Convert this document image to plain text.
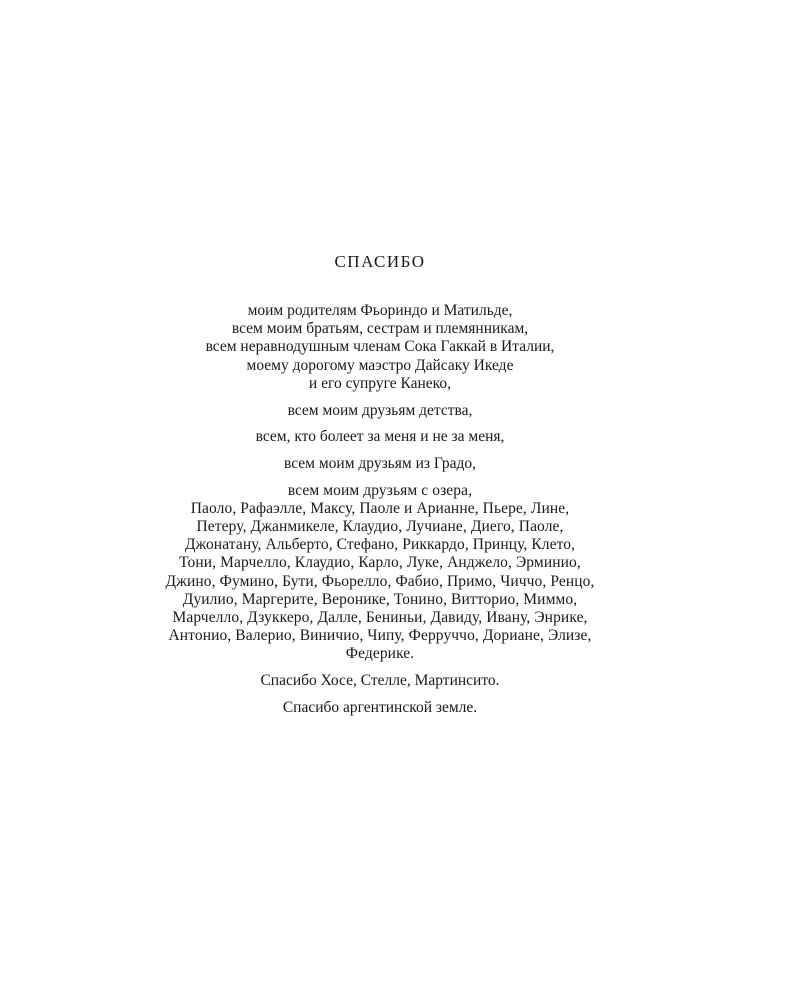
СПАСИБО
моим родителям Фьориндо и Матильде,
всем моим братьям, сестрам и племянникам,
всем неравнодушным членам Сока Гаккай в Италии,
моему дорогому маэстро Дайсаку Икеде
и его супруге Канеко,
всем моим друзьям детства,
всем, кто болеет за меня и не за меня,
всем моим друзьям из Градо,
всем моим друзьям с озера,
Паоло, Рафаэлле, Максу, Паоле и Арианне, Пьере, Лине,
Петеру, Джанмикеле, Клаудио, Лучиане, Диего, Паоле,
Джонатану, Альберто, Стефано, Риккардо, Принцу, Клето,
Тони, Марчелло, Клаудио, Карло, Луке, Анджело, Эрминио,
Джино, Фумино, Бути, Фьорелло, Фабио, Примо, Чиччо, Ренцо,
Дуилио, Маргерите, Веронике, Тонино, Витторио, Миммо,
Марчелло, Дзуккеро, Далле, Бениньи, Давиду, Ивану, Энрике,
Антонио, Валерио, Виничио, Чипу, Ферруччо, Дориане, Элизе,
Федерике.
Спасибо Хосе, Стелле, Мартинсито.
Спасибо аргентинской земле.
